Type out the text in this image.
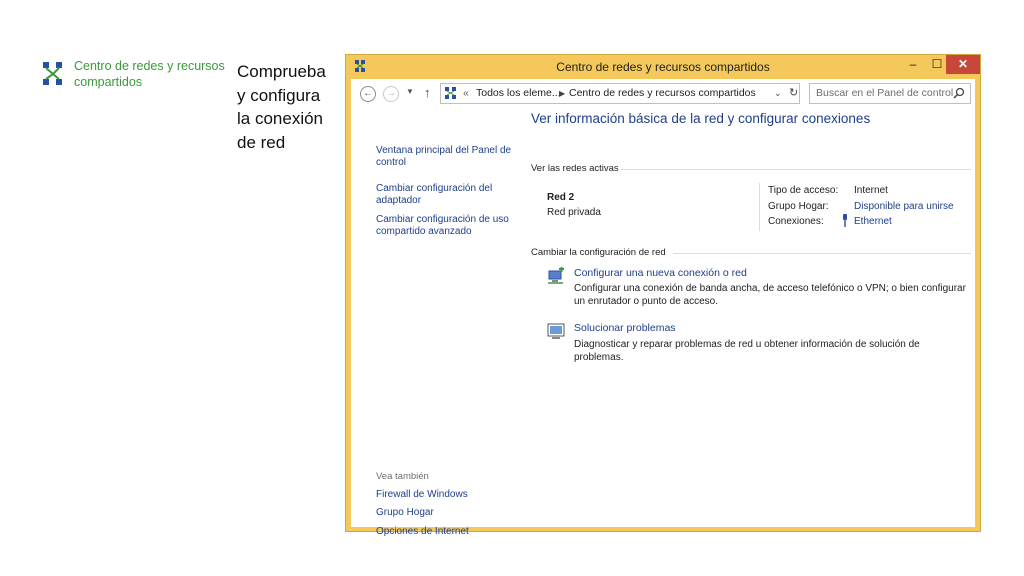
Centro de redes y recursos compartidos
Comprueba y configura la conexión de red
Centro de redes y recursos compartidos	–	☐	✕
←	→	▼ ↑	« Todos los eleme...
▶ Centro de redes y recursos compartidos ⌄ ↻	Buscar en el Panel de control
Ventana principal del Panel de control
Cambiar configuración del adaptador
Cambiar configuración de uso compartido avanzado
Vea también
Firewall de Windows
Grupo Hogar
Opciones de Internet
Ver información básica de la red y configurar conexiones
Ver las redes activas
Red 2
Red privada
Tipo de acceso: Internet
Grupo Hogar:	Disponible para unirse
Conexiones:	Ethernet
Cambiar la configuración de red
Configurar una nueva conexión o red
Configurar una conexión de banda ancha, de acceso telefónico o VPN; o bien configurar un enrutador o punto de acceso.
Solucionar problemas
Diagnosticar y reparar problemas de red u obtener información de solución de problemas.
